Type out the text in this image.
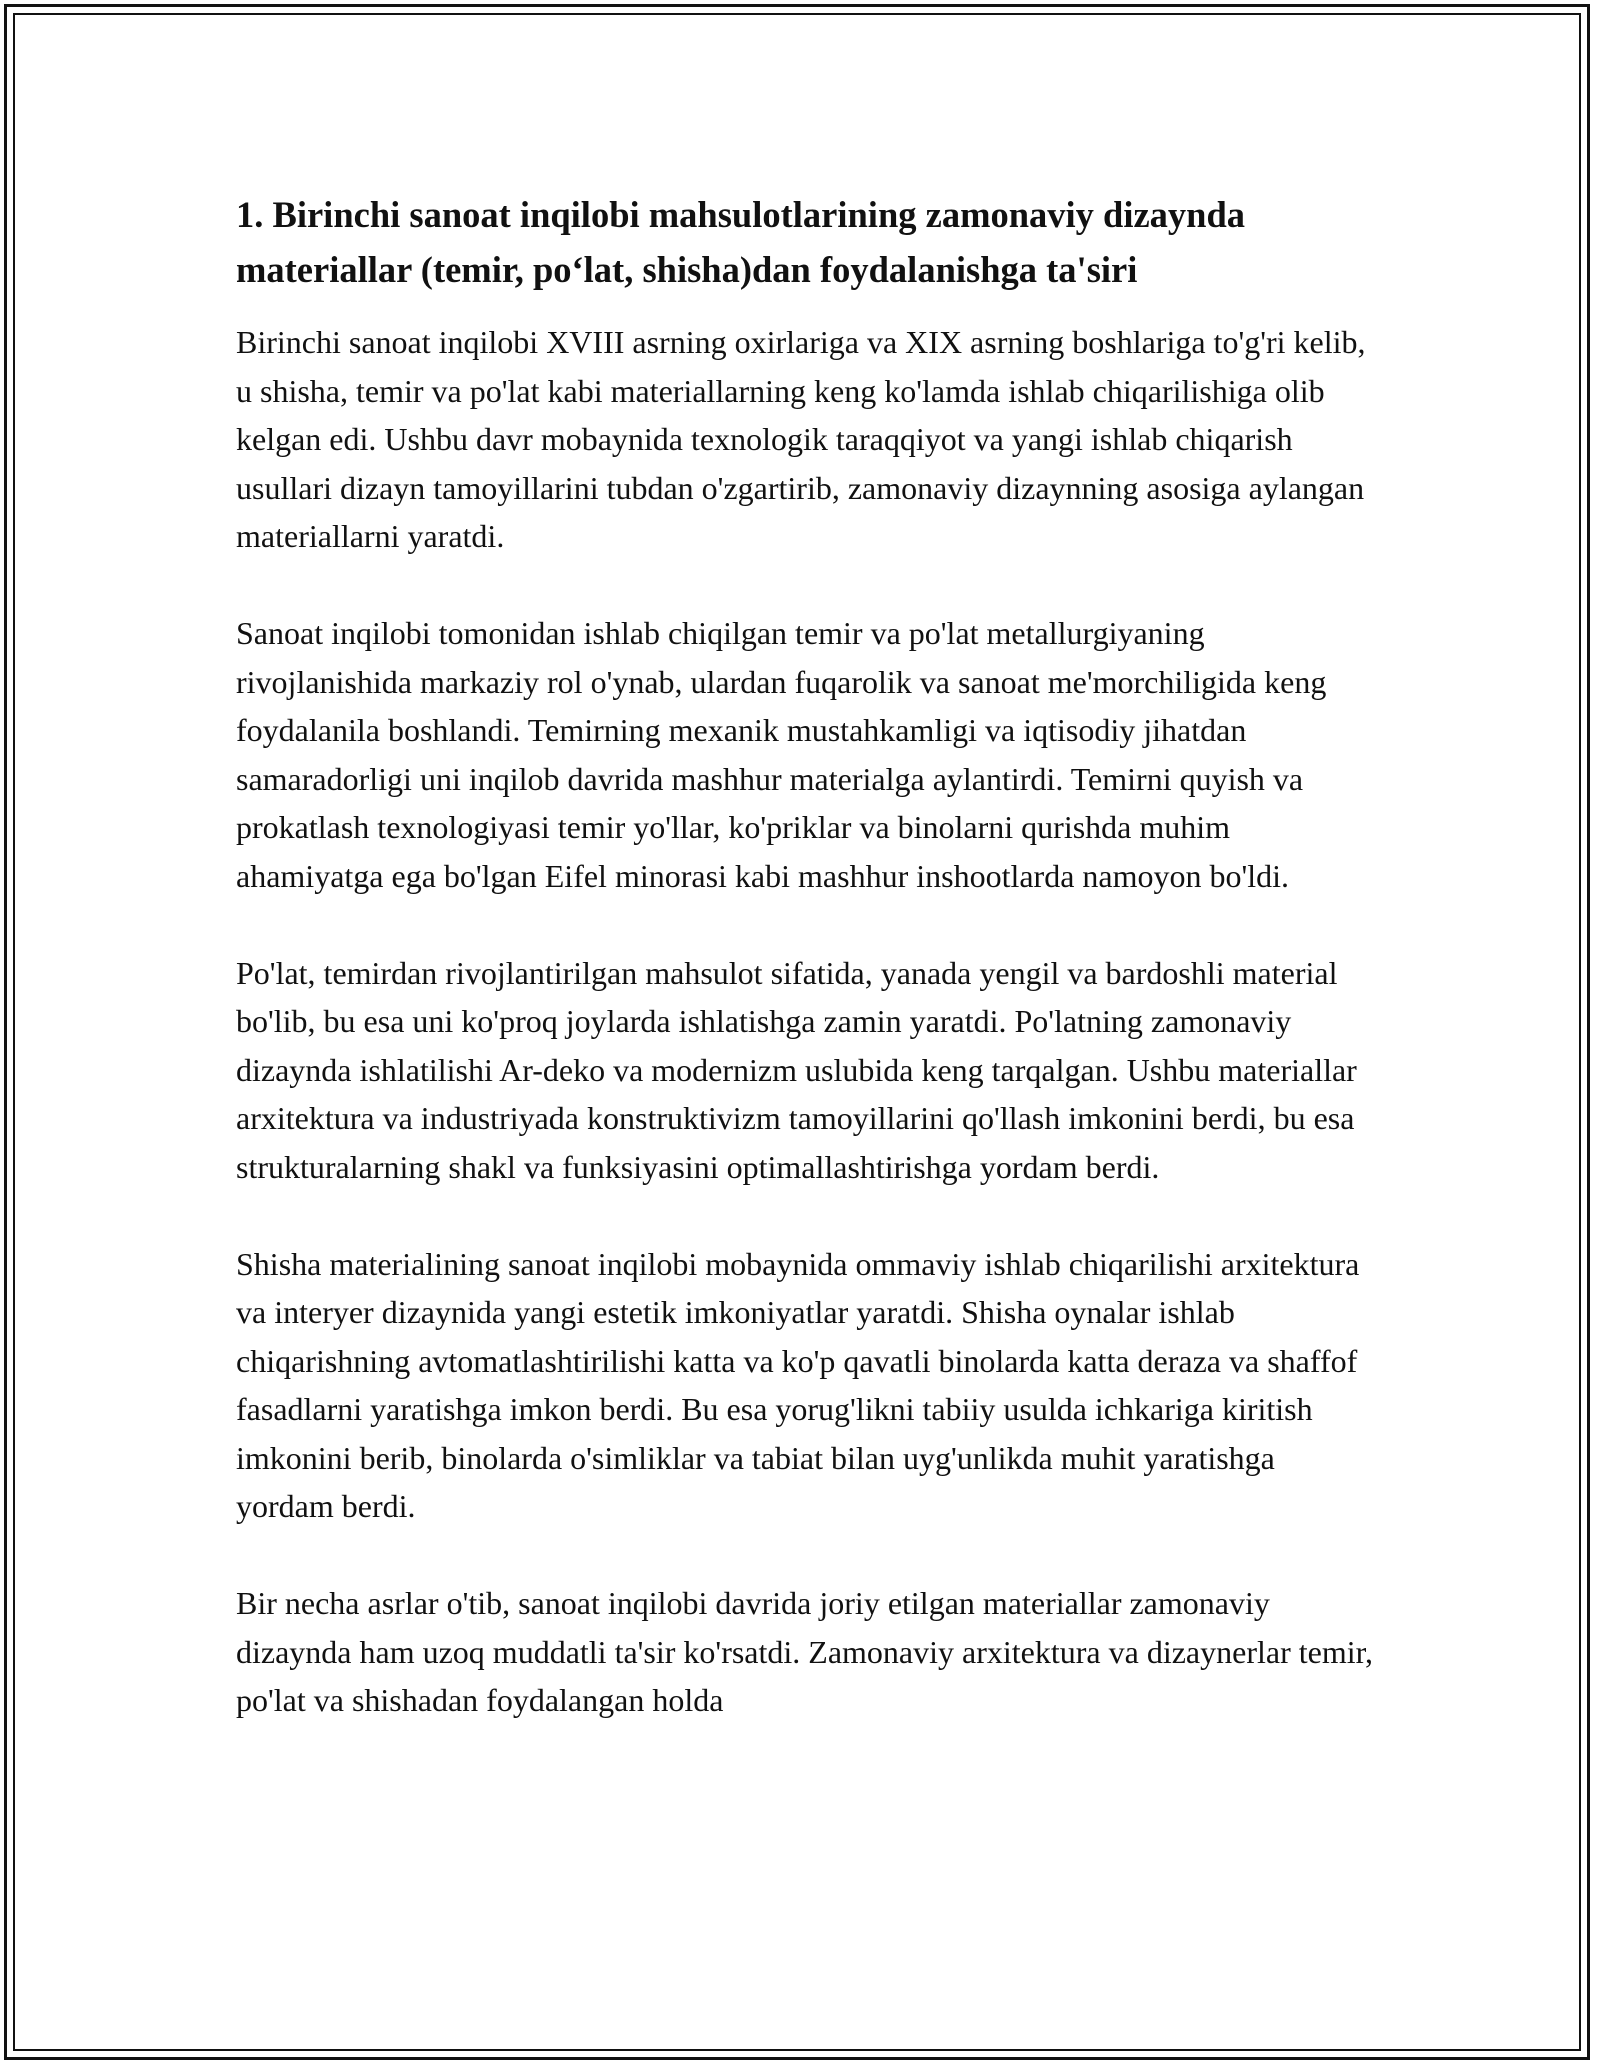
1. Birinchi sanoat inqilobi mahsulotlarining zamonaviy dizaynda materiallar (temir, po‘lat, shisha)dan foydalanishga ta'siri

Birinchi sanoat inqilobi XVIII asrning oxirlariga va XIX asrning boshlariga to'g'ri kelib, u shisha, temir va po'lat kabi materiallarning keng ko'lamda ishlab chiqarilishiga olib kelgan edi. Ushbu davr mobaynida texnologik taraqqiyot va yangi ishlab chiqarish usullari dizayn tamoyillarini tubdan o'zgartirib, zamonaviy dizaynning asosiga aylangan materiallarni yaratdi.

Sanoat inqilobi tomonidan ishlab chiqilgan temir va po'lat metallurgiyaning rivojlanishida markaziy rol o'ynab, ulardan fuqarolik va sanoat me'morchiligida keng foydalanila boshlandi. Temirning mexanik mustahkamligi va iqtisodiy jihatdan samaradorligi uni inqilob davrida mashhur materialga aylantirdi. Temirni quyish va prokatlash texnologiyasi temir yo'llar, ko'priklar va binolarni qurishda muhim ahamiyatga ega bo'lgan Eifel minorasi kabi mashhur inshootlarda namoyon bo'ldi.

Po'lat, temirdan rivojlantirilgan mahsulot sifatida, yanada yengil va bardoshli material bo'lib, bu esa uni ko'proq joylarda ishlatishga zamin yaratdi. Po'latning zamonaviy dizaynda ishlatilishi Ar-deko va modernizm uslubida keng tarqalgan. Ushbu materiallar arxitektura va industriyada konstruktivizm tamoyillarini qo'llash imkonini berdi, bu esa strukturalarning shakl va funksiyasini optimallashtirishga yordam berdi.

Shisha materialining sanoat inqilobi mobaynida ommaviy ishlab chiqarilishi arxitektura va interyer dizaynida yangi estetik imkoniyatlar yaratdi. Shisha oynalar ishlab chiqarishning avtomatlashtirilishi katta va ko'p qavatli binolarda katta deraza va shaffof fasadlarni yaratishga imkon berdi. Bu esa yorug'likni tabiiy usulda ichkariga kiritish imkonini berib, binolarda o'simliklar va tabiat bilan uyg'unlikda muhit yaratishga yordam berdi.

Bir necha asrlar o'tib, sanoat inqilobi davrida joriy etilgan materiallar zamonaviy dizaynda ham uzoq muddatli ta'sir ko'rsatdi. Zamonaviy arxitektura va dizaynerlar temir, po'lat va shishadan foydalangan holda
